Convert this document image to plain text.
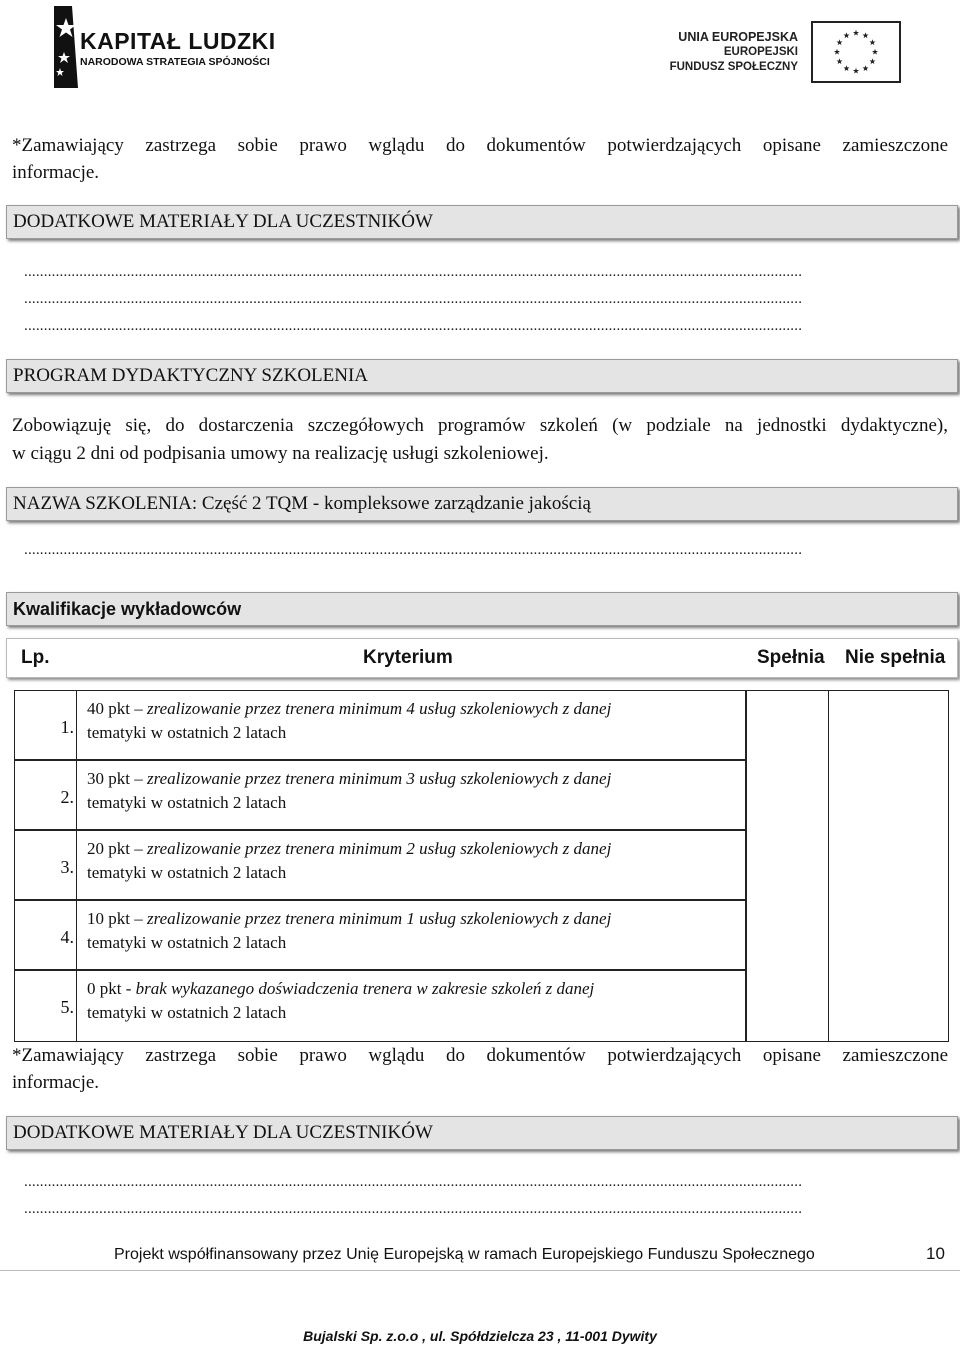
KAPITAŁ LUDZKI
NARODOWA STRATEGIA SPÓJNOŚCI
UNIA EUROPEJSKA
EUROPEJSKI
FUNDUSZ SPOŁECZNY
*Zamawiający zastrzega sobie prawo wglądu do dokumentów potwierdzających opisane zamieszczone
informacje.
DODATKOWE MATERIAŁY DLA UCZESTNIKÓW
.....................................................................................................................................................................................................
.....................................................................................................................................................................................................
.....................................................................................................................................................................................................
PROGRAM DYDAKTYCZNY SZKOLENIA
Zobowiązuję się, do dostarczenia szczegółowych programów szkoleń (w podziale na jednostki dydaktyczne),
w ciągu 2 dni od podpisania umowy na realizację usługi szkoleniowej.
NAZWA SZKOLENIA: Część 2 TQM - kompleksowe zarządzanie jakością
.....................................................................................................................................................................................................
Kwalifikacje wykładowców
Lp.	Kryterium	Spełnia Nie spełnia
1.
40 pkt – zrealizowanie przez trenera minimum 4 usług szkoleniowych z danej
tematyki w ostatnich 2 latach
2.
30 pkt – zrealizowanie przez trenera minimum 3 usług szkoleniowych z danej
tematyki w ostatnich 2 latach
3.
20 pkt – zrealizowanie przez trenera minimum 2 usług szkoleniowych z danej
tematyki w ostatnich 2 latach
4.
10 pkt – zrealizowanie przez trenera minimum 1 usług szkoleniowych z danej
tematyki w ostatnich 2 latach
5.
0 pkt - brak wykazanego doświadczenia trenera w zakresie szkoleń z danej
tematyki w ostatnich 2 latach
*Zamawiający zastrzega sobie prawo wglądu do dokumentów potwierdzających opisane zamieszczone
informacje.
DODATKOWE MATERIAŁY DLA UCZESTNIKÓW
.....................................................................................................................................................................................................
.....................................................................................................................................................................................................
Projekt współfinansowany przez Unię Europejską w ramach Europejskiego Funduszu Społecznego	10
Bujalski Sp. z.o.o , ul. Spółdzielcza 23 , 11-001 Dywity
